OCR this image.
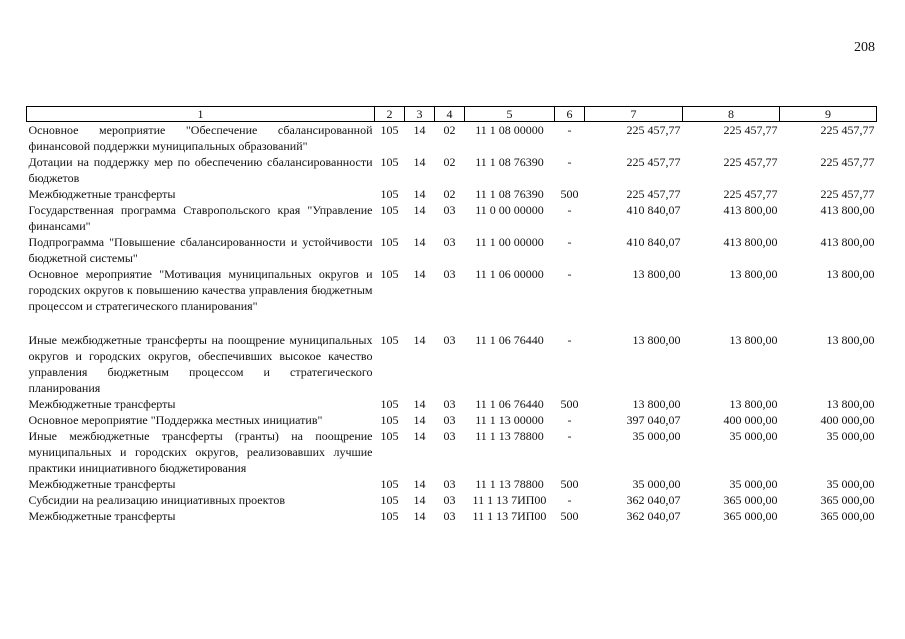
208
1	2	3	4	5	6	7	8	9
Основное мероприятие "Обеспечение сбалансированной финансовой поддержки муниципальных образований"	105	14	02	11 1 08 00000	-	225 457,77	225 457,77	225 457,77
Дотации на поддержку мер по обеспечению сбалансированности бюджетов	105	14	02	11 1 08 76390	-	225 457,77	225 457,77	225 457,77
Межбюджетные трансферты	105	14	02	11 1 08 76390	500	225 457,77	225 457,77	225 457,77
Государственная программа Ставропольского края "Управление финансами"	105	14	03	11 0 00 00000	-	410 840,07	413 800,00	413 800,00
Подпрограмма "Повышение сбалансированности и устойчивости бюджетной системы"	105	14	03	11 1 00 00000	-	410 840,07	413 800,00	413 800,00
Основное мероприятие "Мотивация муниципальных округов и городских округов к повышению качества управления бюджетным процессом и стратегического планирования"	105	14	03	11 1 06 00000	-	13 800,00	13 800,00	13 800,00

Иные межбюджетные трансферты на поощрение муниципальных округов и городских округов, обеспечивших высокое качество управления бюджетным процессом и стратегического планирования	105	14	03	11 1 06 76440	-	13 800,00	13 800,00	13 800,00
Межбюджетные трансферты	105	14	03	11 1 06 76440	500	13 800,00	13 800,00	13 800,00
Основное мероприятие "Поддержка местных инициатив"	105	14	03	11 1 13 00000	-	397 040,07	400 000,00	400 000,00
Иные межбюджетные трансферты (гранты) на поощрение муниципальных и городских округов, реализовавших лучшие практики инициативного бюджетирования	105	14	03	11 1 13 78800	-	35 000,00	35 000,00	35 000,00
Межбюджетные трансферты	105	14	03	11 1 13 78800	500	35 000,00	35 000,00	35 000,00
Субсидии на реализацию инициативных проектов	105	14	03	11 1 13 7ИП00	-	362 040,07	365 000,00	365 000,00
Межбюджетные трансферты	105	14	03	11 1 13 7ИП00	500	362 040,07	365 000,00	365 000,00
